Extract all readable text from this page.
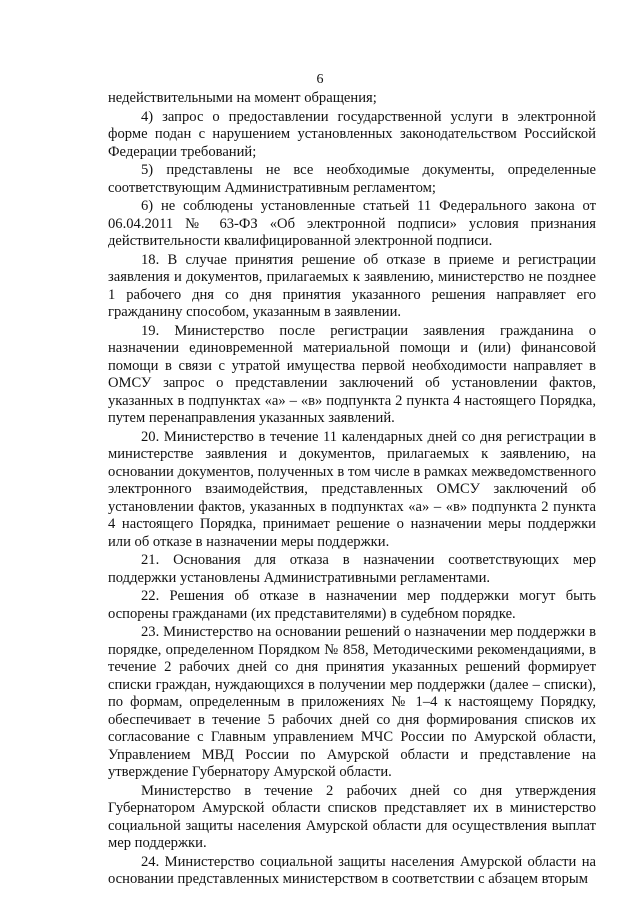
6

недействительными на момент обращения;

4) запрос о предоставлении государственной услуги в электронной форме подан с нарушением установленных законодательством Российской Федерации требований;

5) представлены не все необходимые документы, определенные соответствующим Административным регламентом;

6) не соблюдены установленные статьей 11 Федерального закона от 06.04.2011 № 63-ФЗ «Об электронной подписи» условия признания действительности квалифицированной электронной подписи.

18. В случае принятия решение об отказе в приеме и регистрации заявления и документов, прилагаемых к заявлению, министерство не позднее 1 рабочего дня со дня принятия указанного решения направляет его гражданину способом, указанным в заявлении.

19. Министерство после регистрации заявления гражданина о назначении единовременной материальной помощи и (или) финансовой помощи в связи с утратой имущества первой необходимости направляет в ОМСУ запрос о представлении заключений об установлении фактов, указанных в подпунктах «а» – «в» подпункта 2 пункта 4 настоящего Порядка, путем перенаправления указанных заявлений.

20. Министерство в течение 11 календарных дней со дня регистрации в министерстве заявления и документов, прилагаемых к заявлению, на основании документов, полученных в том числе в рамках межведомственного электронного взаимодействия, представленных ОМСУ заключений об установлении фактов, указанных в подпунктах «а» – «в» подпункта 2 пункта 4 настоящего Порядка, принимает решение о назначении меры поддержки или об отказе в назначении меры поддержки.

21. Основания для отказа в назначении соответствующих мер поддержки установлены Административными регламентами.

22. Решения об отказе в назначении мер поддержки могут быть оспорены гражданами (их представителями) в судебном порядке.

23. Министерство на основании решений о назначении мер поддержки в порядке, определенном Порядком № 858, Методическими рекомендациями, в течение 2 рабочих дней со дня принятия указанных решений формирует списки граждан, нуждающихся в получении мер поддержки (далее – списки), по формам, определенным в приложениях № 1–4 к настоящему Порядку, обеспечивает в течение 5 рабочих дней со дня формирования списков их согласование с Главным управлением МЧС России по Амурской области, Управлением МВД России по Амурской области и представление на утверждение Губернатору Амурской области.

Министерство в течение 2 рабочих дней со дня утверждения Губернатором Амурской области списков представляет их в министерство социальной защиты населения Амурской области для осуществления выплат мер поддержки.

24. Министерство социальной защиты населения Амурской области на основании представленных министерством в соответствии с абзацем вторым
